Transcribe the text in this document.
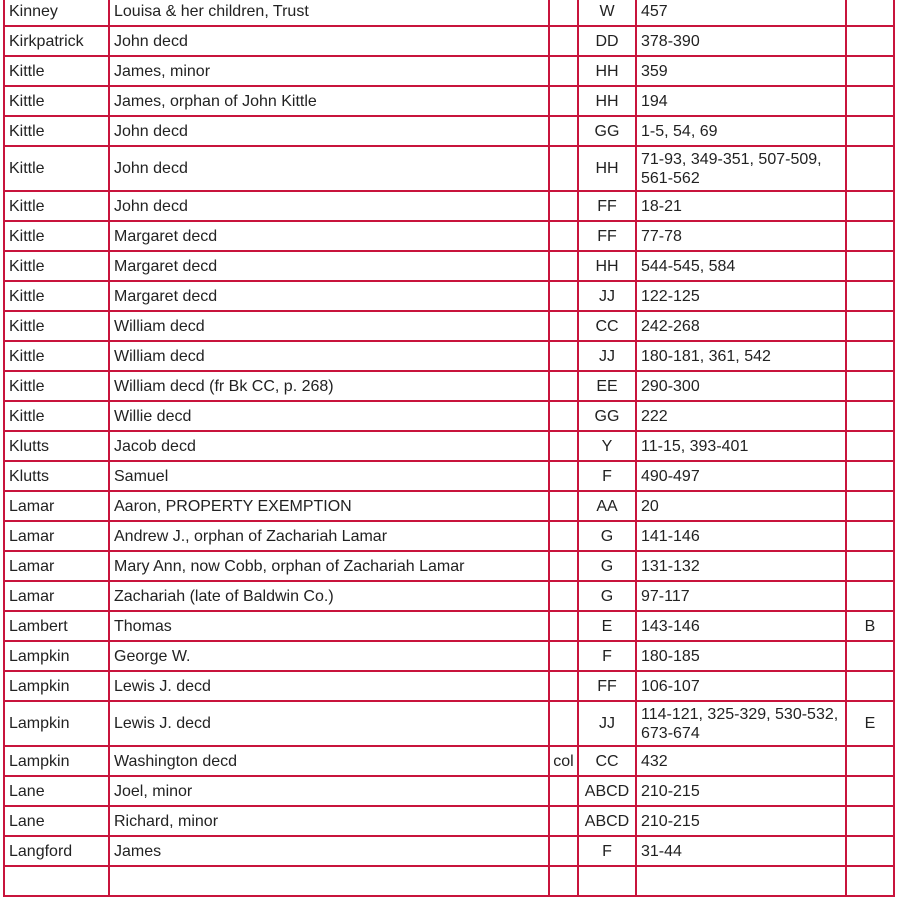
Kinney	Louisa & her children, Trust		W	457	
Kirkpatrick	John decd		DD	378-390	
Kittle	James, minor		HH	359	
Kittle	James, orphan of John Kittle		HH	194	
Kittle	John decd		GG	1-5, 54, 69	
Kittle	John decd		HH	71-93, 349-351, 507-509, 561-562	
Kittle	John decd		FF	18-21	
Kittle	Margaret decd		FF	77-78	
Kittle	Margaret decd		HH	544-545, 584	
Kittle	Margaret decd		JJ	122-125	
Kittle	William decd		CC	242-268	
Kittle	William decd		JJ	180-181, 361, 542	
Kittle	William decd (fr Bk CC, p. 268)		EE	290-300	
Kittle	Willie decd		GG	222	
Klutts	Jacob decd		Y	11-15, 393-401	
Klutts	Samuel		F	490-497	
Lamar	Aaron, PROPERTY EXEMPTION		AA	20	
Lamar	Andrew J., orphan of Zachariah Lamar		G	141-146	
Lamar	Mary Ann, now Cobb, orphan of Zachariah Lamar		G	131-132	
Lamar	Zachariah (late of Baldwin Co.)		G	97-117	
Lambert	Thomas		E	143-146	B
Lampkin	George W.		F	180-185	
Lampkin	Lewis J. decd		FF	106-107	
Lampkin	Lewis J. decd		JJ	114-121, 325-329, 530-532, 673-674	E
Lampkin	Washington decd	col	CC	432	
Lane	Joel, minor		ABCD	210-215	
Lane	Richard, minor		ABCD	210-215	
Langford	James		F	31-44	
